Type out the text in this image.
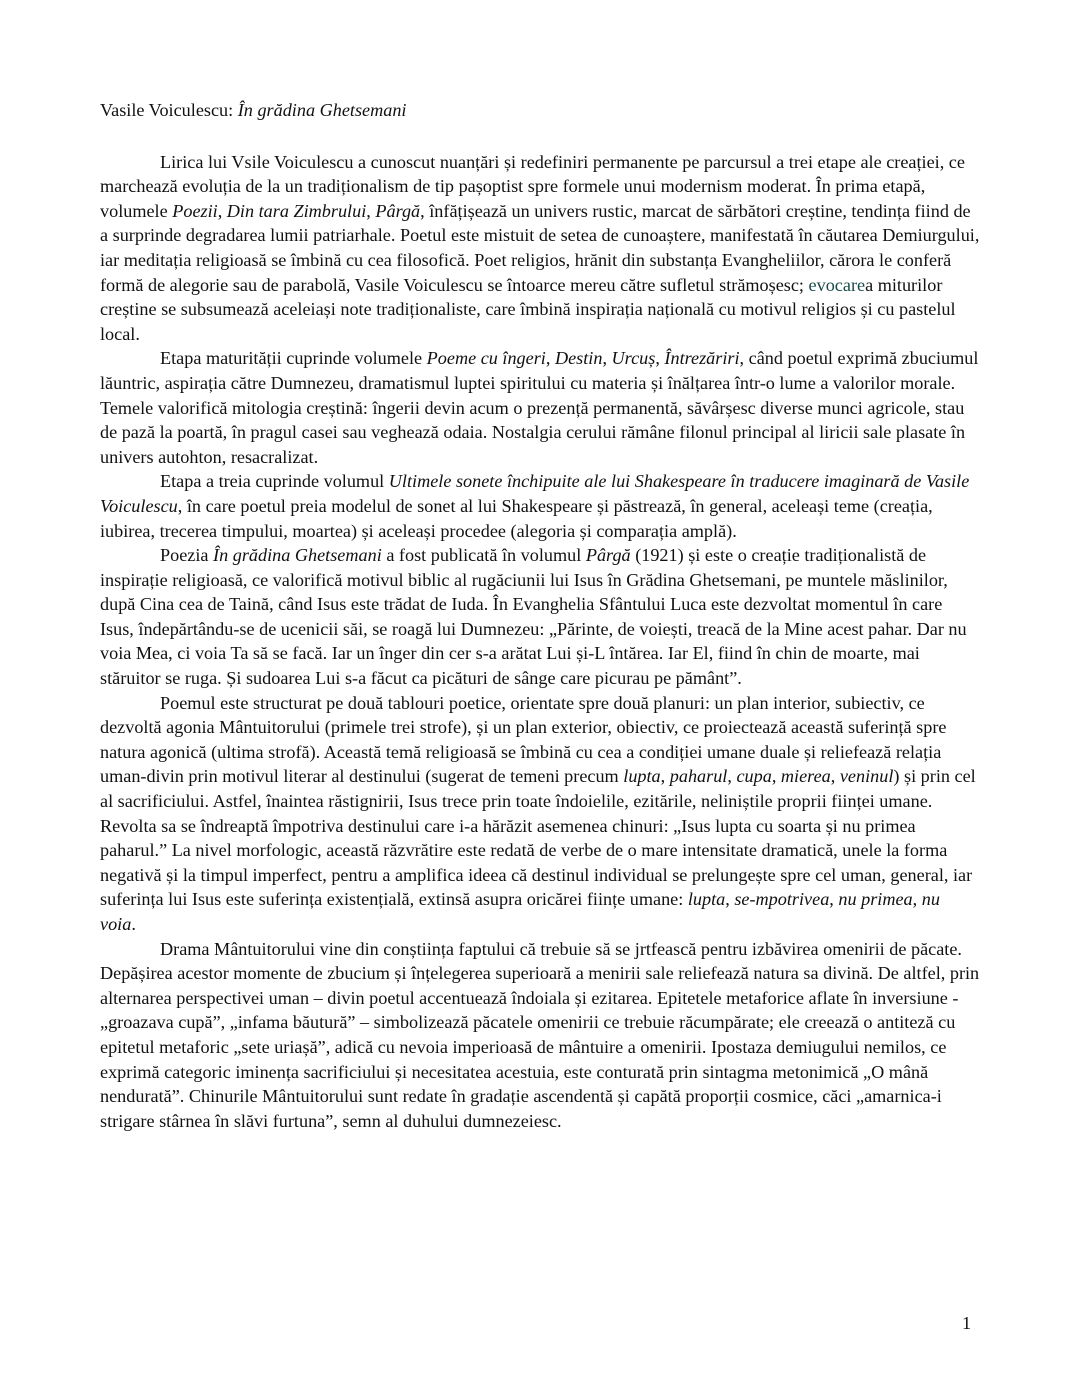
Vasile Voiculescu: În grădina Ghetsemani

Lirica lui Vsile Voiculescu a cunoscut nuanțări și redefiniri permanente pe parcursul a trei etape ale creației, ce marchează evoluția de la un tradiționalism de tip pașoptist spre formele unui modernism moderat. În prima etapă, volumele Poezii, Din tara Zimbrului, Pârgă, înfățișează un univers rustic, marcat de sărbători creștine, tendința fiind de a surprinde degradarea lumii patriarhale. Poetul este mistuit de setea de cunoaștere, manifestată în căutarea Demiurgului, iar meditația religioasă se îmbină cu cea filosofică. Poet religios, hrănit din substanța Evangheliilor, cărora le conferă formă de alegorie sau de parabolă, Vasile Voiculescu se întoarce mereu către sufletul strămoșesc; evocarea miturilor creștine se subsumează aceleiași note tradiționaliste, care îmbină inspirația națională cu motivul religios și cu pastelul local.

Etapa maturității cuprinde volumele Poeme cu îngeri, Destin, Urcuș, Întrezăriri, când poetul exprimă zbuciumul lăuntric, aspirația către Dumnezeu, dramatismul luptei spiritului cu materia și înălțarea într-o lume a valorilor morale. Temele valorifică mitologia creștină: îngerii devin acum o prezență permanentă, săvârșesc diverse munci agricole, stau de pază la poartă, în pragul casei sau veghează odaia. Nostalgia cerului rămâne filonul principal al liricii sale plasate în univers autohton, resacralizat.

Etapa a treia cuprinde volumul Ultimele sonete închipuite ale lui Shakespeare în traducere imaginară de Vasile Voiculescu, în care poetul preia modelul de sonet al lui Shakespeare și păstrează, în general, aceleași teme (creația, iubirea, trecerea timpului, moartea) și aceleași procedee (alegoria și comparația amplă).

Poezia În grădina Ghetsemani a fost publicată în volumul Pârgă (1921) și este o creație tradiționalistă de inspirație religioasă, ce valorifică motivul biblic al rugăciunii lui Isus în Grădina Ghetsemani, pe muntele măslinilor, după Cina cea de Taină, când Isus este trădat de Iuda. În Evanghelia Sfântului Luca este dezvoltat momentul în care Isus, îndepărtându-se de ucenicii săi, se roagă lui Dumnezeu: „Părinte, de voiești, treacă de la Mine acest pahar. Dar nu voia Mea, ci voia Ta să se facă. Iar un înger din cer s-a arătat Lui și-L întărea. Iar El, fiind în chin de moarte, mai stăruitor se ruga. Și sudoarea Lui s-a făcut ca picături de sânge care picurau pe pământ”.

Poemul este structurat pe două tablouri poetice, orientate spre două planuri: un plan interior, subiectiv, ce dezvoltă agonia Mântuitorului (primele trei strofe), și un plan exterior, obiectiv, ce proiectează această suferință spre natura agonică (ultima strofă). Această temă religioasă se îmbină cu cea a condiției umane duale și reliefează relația uman-divin prin motivul literar al destinului (sugerat de temeni precum lupta, paharul, cupa, mierea, veninul) și prin cel al sacrificiului. Astfel, înaintea răstignirii, Isus trece prin toate îndoielile, ezitările, neliniștile proprii ființei umane. Revolta sa se îndreaptă împotriva destinului care i-a hărăzit asemenea chinuri: „Isus lupta cu soarta și nu primea paharul.” La nivel morfologic, această răzvrătire este redată de verbe de o mare intensitate dramatică, unele la forma negativă și la timpul imperfect, pentru a amplifica ideea că destinul individual se prelungește spre cel uman, general, iar suferința lui Isus este suferința existențială, extinsă asupra oricărei ființe umane: lupta, se-mpotrivea, nu primea, nu voia.

Drama Mântuitorului vine din conștiința faptului că trebuie să se jrtfească pentru izbăvirea omenirii de păcate. Depășirea acestor momente de zbucium și înțelegerea superioară a menirii sale reliefează natura sa divină. De altfel, prin alternarea perspectivei uman – divin poetul accentuează îndoiala și ezitarea. Epitetele metaforice aflate în inversiune - „groazava cupă”, „infama băutură” – simbolizează păcatele omenirii ce trebuie răcumpărate; ele creează o antiteză cu epitetul metaforic „sete uriașă”, adică cu nevoia imperioasă de mântuire a omenirii. Ipostaza demiugului nemilos, ce exprimă categoric iminența sacrificiului și necesitatea acestuia, este conturată prin sintagma metonimică „O mână nendurată”. Chinurile Mântuitorului sunt redate în gradație ascendentă și capătă proporții cosmice, căci „amarnica-i strigare stârnea în slăvi furtuna”, semn al duhului dumnezeiesc.

1
